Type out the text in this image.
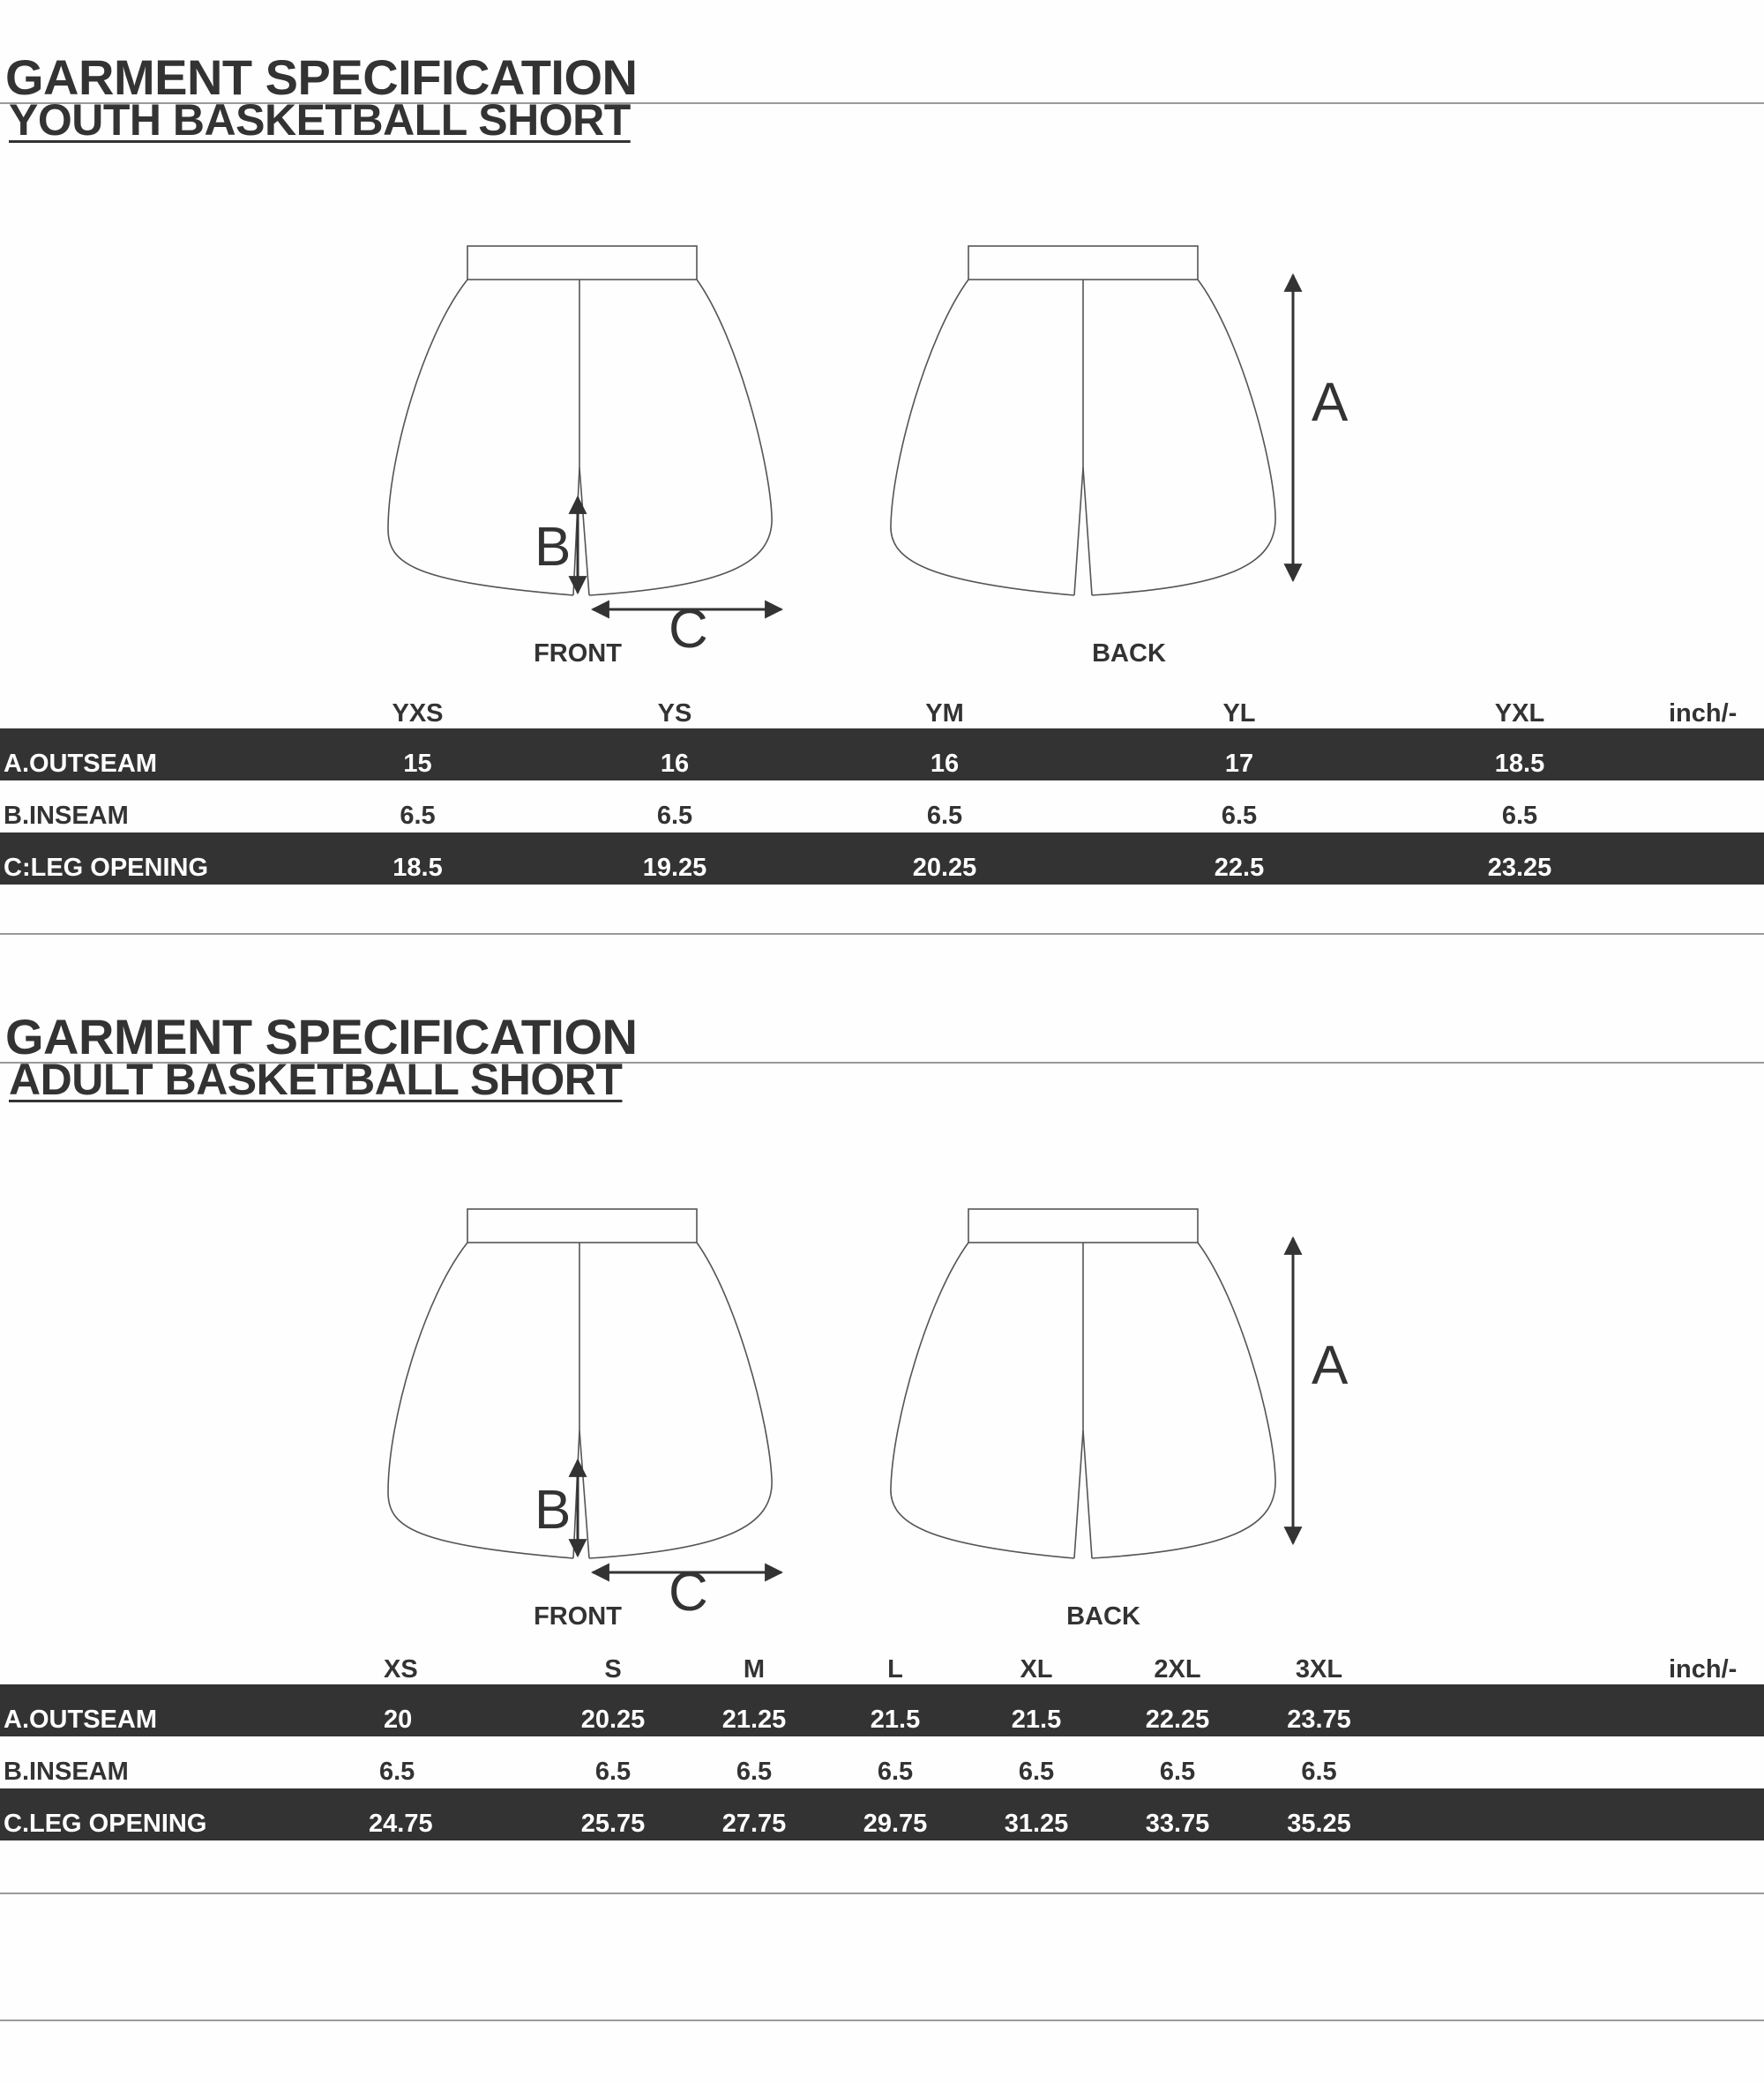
GARMENT SPECIFICATION
YOUTH BASKETBALL SHORT
A
B
C
FRONT	BACK
	YXS	YS	YM	YL	YXL	inch/-
A.OUTSEAM	15	16	16	17	18.5	
B.INSEAM	6.5	6.5	6.5	6.5	6.5	
C:LEG OPENING	18.5	19.25	20.25	22.5	23.25	
GARMENT SPECIFICATION
ADULT BASKETBALL SHORT
A
B
C
FRONT	BACK
	XS	S	M	L	XL	2XL	3XL		inch/-
A.OUTSEAM	20	20.25	21.25	21.5	21.5	22.25	23.75		
B.INSEAM	6.5	6.5	6.5	6.5	6.5	6.5	6.5		
C.LEG OPENING	24.75	25.75	27.75	29.75	31.25	33.75	35.25		
